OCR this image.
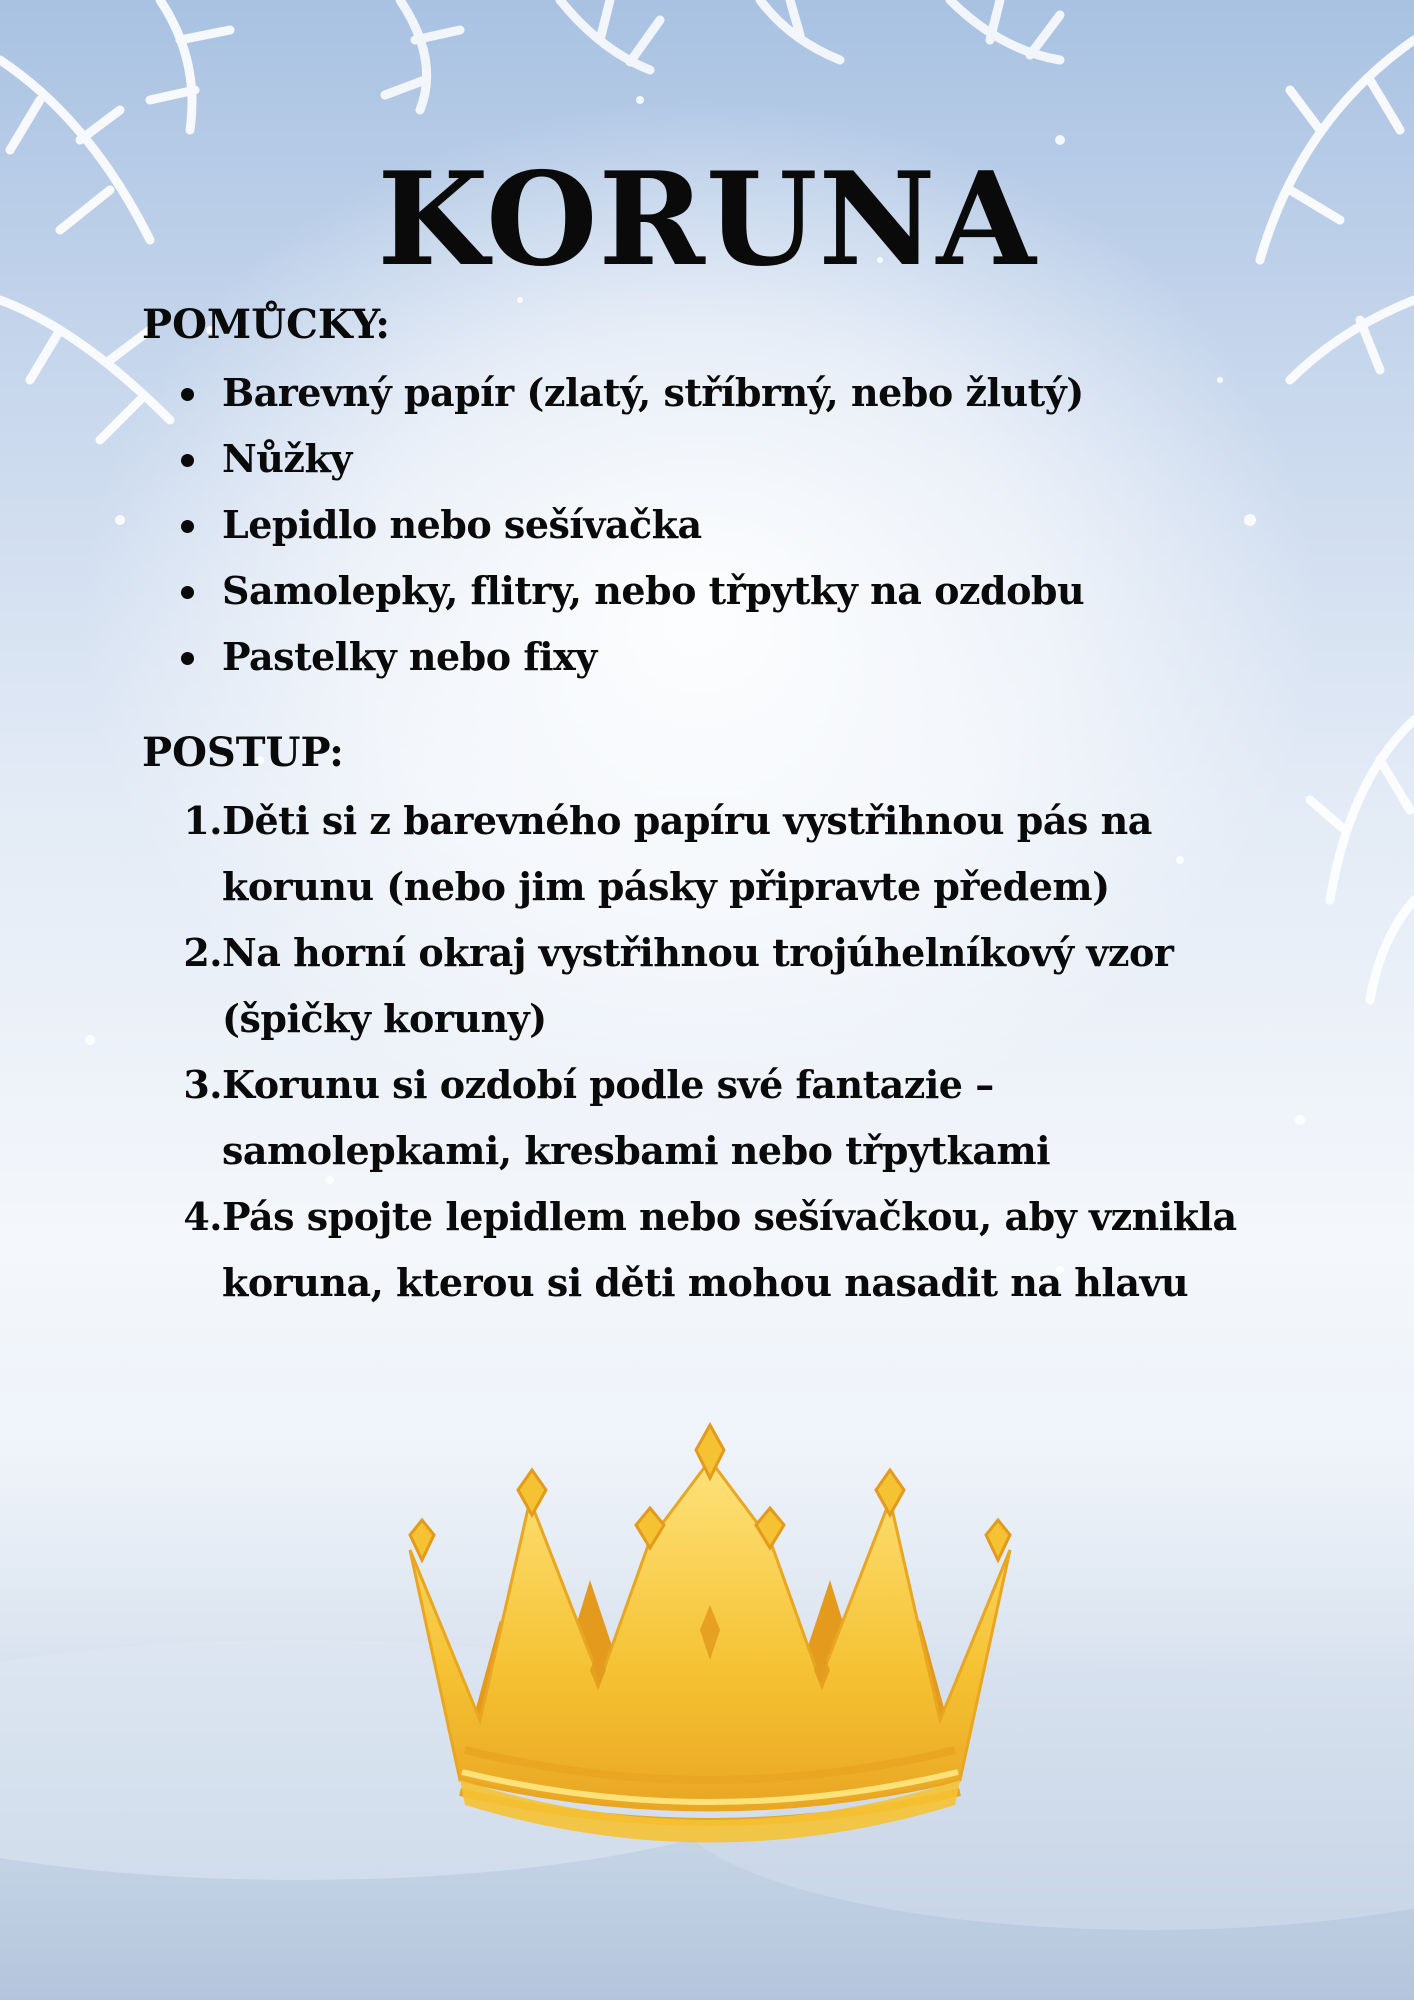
KORUNA
POMŮCKY:
Barevný papír (zlatý, stříbrný, nebo žlutý)
Nůžky
Lepidlo nebo sešívačka
Samolepky, flitry, nebo třpytky na ozdobu
Pastelky nebo fixy
POSTUP:
1. Děti si z barevného papíru vystřihnou pás na korunu (nebo jim pásky připravte předem)
2. Na horní okraj vystřihnou trojúhelníkový vzor (špičky koruny)
3. Korunu si ozdobí podle své fantazie – samolepkami, kresbami nebo třpytkami
4. Pás spojte lepidlem nebo sešívačkou, aby vznikla koruna, kterou si děti mohou nasadit na hlavu
